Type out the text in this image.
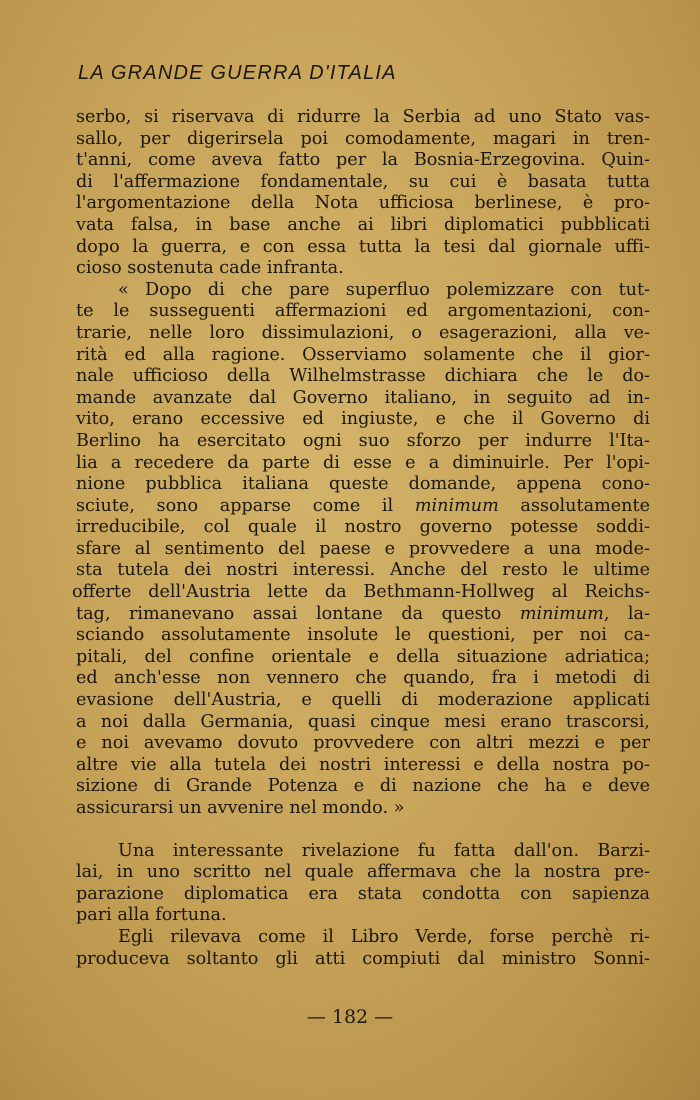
LA GRANDE GUERRA D'ITALIA

serbo, si riservava di ridurre la Serbia ad uno Stato vas-
sallo, per digerirsela poi comodamente, magari in tren-
t'anni, come aveva fatto per la Bosnia-Erzegovina. Quin-
di l'affermazione fondamentale, su cui è basata tutta
l'argomentazione della Nota ufficiosa berlinese, è pro-
vata falsa, in base anche ai libri diplomatici pubblicati
dopo la guerra, e con essa tutta la tesi dal giornale uffi-
cioso sostenuta cade infranta.

« Dopo di che pare superfluo polemizzare con tut-
te le susseguenti affermazioni ed argomentazioni, con-
trarie, nelle loro dissimulazioni, o esagerazioni, alla ve-
rità ed alla ragione. Osserviamo solamente che il gior-
nale ufficioso della Wilhelmstrasse dichiara che le do-
mande avanzate dal Governo italiano, in seguito ad in-
vito, erano eccessive ed ingiuste, e che il Governo di
Berlino ha esercitato ogni suo sforzo per indurre l'Ita-
lia a recedere da parte di esse e a diminuirle. Per l'opi-
nione pubblica italiana queste domande, appena cono-
sciute, sono apparse come il minimum assolutamente
irreducibile, col quale il nostro governo potesse soddi-
sfare al sentimento del paese e provvedere a una mode-
sta tutela dei nostri interessi. Anche del resto le ultime
offerte dell'Austria lette da Bethmann-Hollweg al Reichs-
tag, rimanevano assai lontane da questo minimum, la-
sciando assolutamente insolute le questioni, per noi ca-
pitali, del confine orientale e della situazione adriatica;
ed anch'esse non vennero che quando, fra i metodi di
evasione dell'Austria, e quelli di moderazione applicati
a noi dalla Germania, quasi cinque mesi erano trascorsi,
e noi avevamo dovuto provvedere con altri mezzi e per
altre vie alla tutela dei nostri interessi e della nostra po-
sizione di Grande Potenza e di nazione che ha e deve
assicurarsi un avvenire nel mondo. »

Una interessante rivelazione fu fatta dall'on. Barzi-
lai, in uno scritto nel quale affermava che la nostra pre-
parazione diplomatica era stata condotta con sapienza
pari alla fortuna.

Egli rilevava come il Libro Verde, forse perchè ri-
produceva soltanto gli atti compiuti dal ministro Sonni-

— 182 —
